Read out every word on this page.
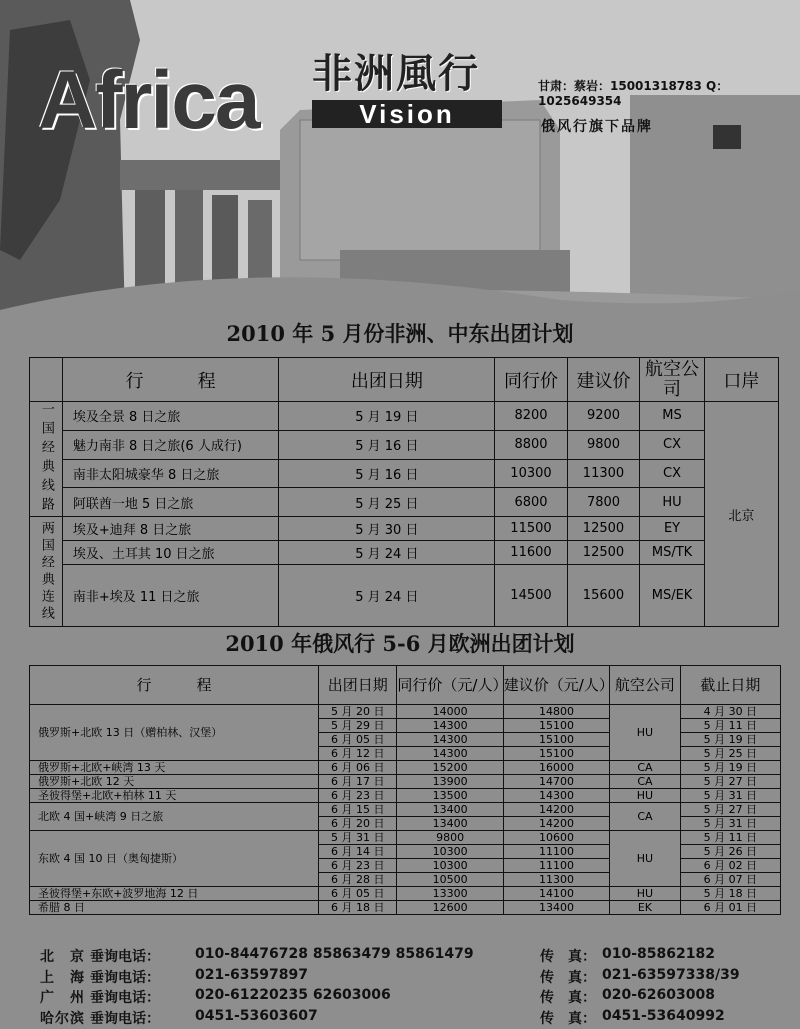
Africa 非洲風行
Vision
甘肃：蔡岩：15001318783 Q：1025649354
俄风行旗下品牌
2010 年 5 月份非洲、中东出团计划
	行　　　程	出团日期	同行价	建议价	航空公司	口岸
一国经典线路	埃及全景 8 日之旅	5 月 19 日	8200	9200	MS	北京
	魅力南非 8 日之旅(6 人成行)	5 月 16 日	8800	9800	CX	
	南非太阳城豪华 8 日之旅	5 月 16 日	10300	11300	CX	
	阿联酋一地 5 日之旅	5 月 25 日	6800	7800	HU	
两国经典连线	埃及+迪拜 8 日之旅	5 月 30 日	11500	12500	EY	
	埃及、土耳其 10 日之旅	5 月 24 日	11600	12500	MS/TK	
	南非+埃及 11 日之旅	5 月 24 日	14500	15600	MS/EK	
2010 年俄风行 5-6 月欧洲出团计划
行　　　程	出团日期	同行价（元/人）	建议价（元/人）	航空公司	截止日期
俄罗斯+北欧 13 日（赠柏林、汉堡）	5 月 20 日	14000	14800	HU	4 月 30 日
	5 月 29 日	14300	15100		5 月 11 日
	6 月 05 日	14300	15100		5 月 19 日
	6 月 12 日	14300	15100		5 月 25 日
俄罗斯+北欧+峡湾 13 天	6 月 06 日	15200	16000	CA	5 月 19 日
俄罗斯+北欧 12 天	6 月 17 日	13900	14700	CA	5 月 27 日
圣彼得堡+北欧+柏林 11 天	6 月 23 日	13500	14300	HU	5 月 31 日
北欧 4 国+峡湾 9 日之旅	6 月 15 日	13400	14200	CA	5 月 27 日
	6 月 20 日	13400	14200		5 月 31 日
东欧 4 国 10 日（奥匈捷斯）	5 月 31 日	9800	10600	HU	5 月 11 日
	6 月 14 日	10300	11100		5 月 26 日
	6 月 23 日	10300	11100		6 月 02 日
	6 月 28 日	10500	11300		6 月 07 日
圣彼得堡+东欧+波罗地海 12 日	6 月 05 日	13300	14100	HU	5 月 18 日
希腊 8 日	6 月 18 日	12600	13400	EK	6 月 01 日
北京 垂询电话：	010-84476728 85863479 85861479	传　真： 010-85862182
上海 垂询电话：	021-63597897	传　真： 021-63597338/39
广州 垂询电话：	020-61220235 62603006	传　真： 020-62603008
哈尔滨 垂询电话：	0451-53603607	传　真： 0451-53640992
